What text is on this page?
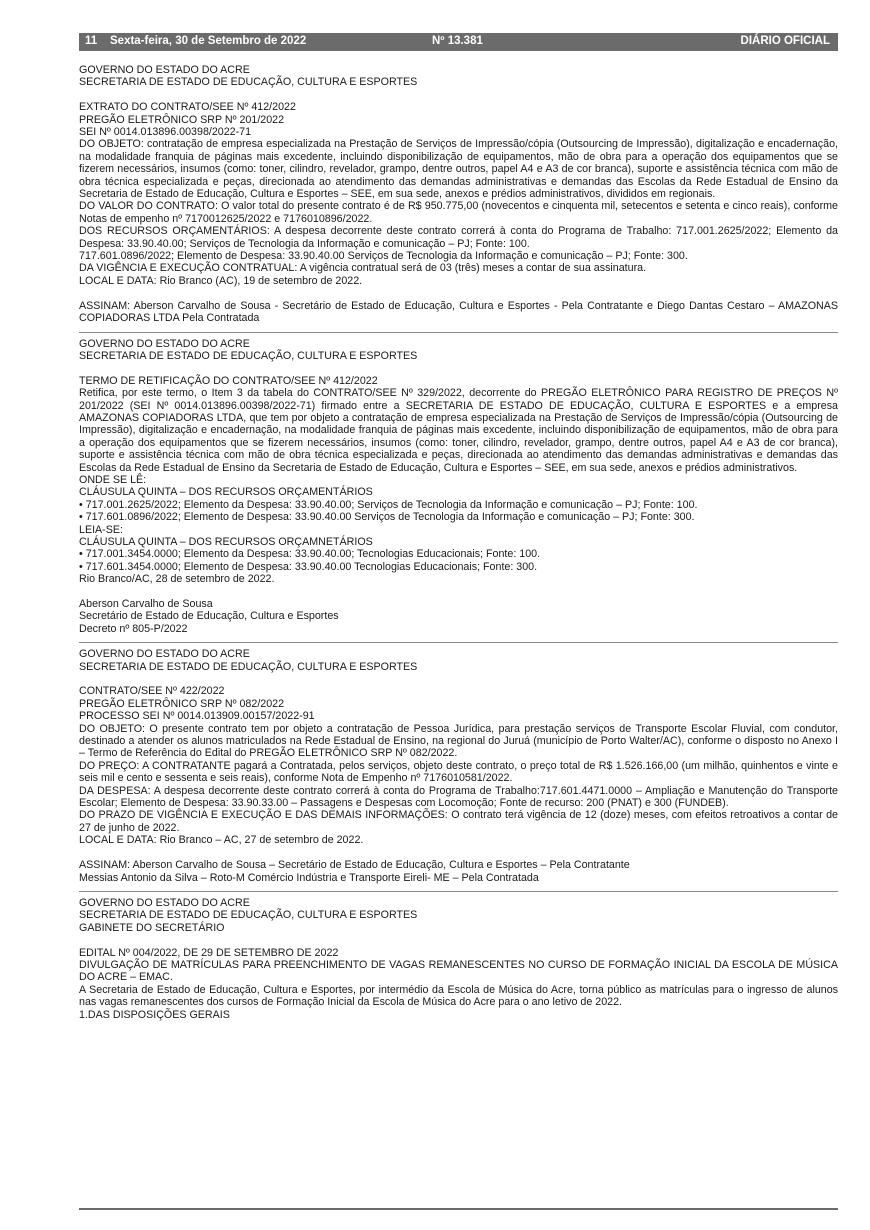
11 Sexta-feira, 30 de Setembro de 2022	Nº 13.381	DIÁRIO OFICIAL

GOVERNO DO ESTADO DO ACRE

SECRETARIA DE ESTADO DE EDUCAÇÃO, CULTURA E ESPORTES

EXTRATO DO CONTRATO/SEE Nº 412/2022

PREGÃO ELETRÔNICO SRP Nº 201/2022

SEI Nº 0014.013896.00398/2022-71

DO OBJETO: contratação de empresa especializada na Prestação de Serviços de Impressão/cópia (Outsourcing de Impressão), digitalização e encadernação, na modalidade franquia de páginas mais excedente, incluindo disponibilização de equipamentos, mão de obra para a operação dos equipamentos que se fizerem necessários, insumos (como: toner, cilindro, revelador, grampo, dentre outros, papel A4 e A3 de cor branca), suporte e assistência técnica com mão de obra técnica especializada e peças, direcionada ao atendimento das demandas administrativas e demandas das Escolas da Rede Estadual de Ensino da Secretaria de Estado de Educação, Cultura e Esportes – SEE, em sua sede, anexos e prédios administrativos, divididos em regionais.

DO VALOR DO CONTRATO: O valor total do presente contrato é de R$ 950.775,00 (novecentos e cinquenta mil, setecentos e setenta e cinco reais), conforme Notas de empenho nº 7170012625/2022 e 7176010896/2022.

DOS RECURSOS ORÇAMENTÁRIOS: A despesa decorrente deste contrato correrá à conta do Programa de Trabalho: 717.001.2625/2022; Elemento da Despesa: 33.90.40.00; Serviços de Tecnologia da Informação e comunicação – PJ; Fonte: 100.

717.601.0896/2022; Elemento de Despesa: 33.90.40.00 Serviços de Tecnologia da Informação e comunicação – PJ; Fonte: 300.

DA VIGÊNCIA E EXECUÇÃO CONTRATUAL: A vigência contratual será de 03 (três) meses a contar de sua assinatura.

LOCAL E DATA: Rio Branco (AC), 19 de setembro de 2022.

ASSINAM: Aberson Carvalho de Sousa - Secretário de Estado de Educação, Cultura e Esportes - Pela Contratante e Diego Dantas Cestaro – AMAZONAS COPIADORAS LTDA Pela Contratada

GOVERNO DO ESTADO DO ACRE

SECRETARIA DE ESTADO DE EDUCAÇÃO, CULTURA E ESPORTES

TERMO DE RETIFICAÇÃO DO CONTRATO/SEE Nº 412/2022

Retifica, por este termo, o Item 3 da tabela do CONTRATO/SEE Nº 329/2022, decorrente do PREGÃO ELETRÔNICO PARA REGISTRO DE PREÇOS Nº 201/2022 (SEI Nº 0014.013896.00398/2022-71) firmado entre a SECRETARIA DE ESTADO DE EDUCAÇÃO, CULTURA E ESPORTES e a empresa AMAZONAS COPIADORAS LTDA, que tem por objeto a contratação de empresa especializada na Prestação de Serviços de Impressão/cópia (Outsourcing de Impressão), digitalização e encadernação, na modalidade franquia de páginas mais excedente, incluindo disponibilização de equipamentos, mão de obra para a operação dos equipamentos que se fizerem necessários, insumos (como: toner, cilindro, revelador, grampo, dentre outros, papel A4 e A3 de cor branca), suporte e assistência técnica com mão de obra técnica especializada e peças, direcionada ao atendimento das demandas administrativas e demandas das Escolas da Rede Estadual de Ensino da Secretaria de Estado de Educação, Cultura e Esportes – SEE, em sua sede, anexos e prédios administrativos.

ONDE SE LÊ:

CLÁUSULA QUINTA – DOS RECURSOS ORÇAMENTÁRIOS

• 717.001.2625/2022; Elemento da Despesa: 33.90.40.00; Serviços de Tecnologia da Informação e comunicação – PJ; Fonte: 100.

• 717.601.0896/2022; Elemento de Despesa: 33.90.40.00 Serviços de Tecnologia da Informação e comunicação – PJ; Fonte: 300.

LEIA-SE:

CLÁUSULA QUINTA – DOS RECURSOS ORÇAMNETÁRIOS

• 717.001.3454.0000; Elemento da Despesa: 33.90.40.00; Tecnologias Educacionais; Fonte: 100.

• 717.601.3454.0000; Elemento de Despesa: 33.90.40.00 Tecnologias Educacionais; Fonte: 300.

Rio Branco/AC, 28 de setembro de 2022.

Aberson Carvalho de Sousa

Secretário de Estado de Educação, Cultura e Esportes

Decreto nº 805-P/2022

GOVERNO DO ESTADO DO ACRE

SECRETARIA DE ESTADO DE EDUCAÇÃO, CULTURA E ESPORTES

CONTRATO/SEE Nº 422/2022

PREGÃO ELETRÔNICO SRP Nº 082/2022

PROCESSO SEI Nº 0014.013909.00157/2022-91

DO OBJETO: O presente contrato tem por objeto a contratação de Pessoa Jurídica, para prestação serviços de Transporte Escolar Fluvial, com condutor, destinado a atender os alunos matriculados na Rede Estadual de Ensino, na regional do Juruá (município de Porto Walter/AC), conforme o disposto no Anexo I – Termo de Referência do Edital do PREGÃO ELETRÔNICO SRP Nº 082/2022.

DO PREÇO: A CONTRATANTE pagará a Contratada, pelos serviços, objeto deste contrato, o preço total de R$ 1.526.166,00 (um milhão, quinhentos e vinte e seis mil e cento e sessenta e seis reais), conforme Nota de Empenho nº 7176010581/2022.

DA DESPESA: A despesa decorrente deste contrato correrá à conta do Programa de Trabalho:717.601.4471.0000 – Ampliação e Manutenção do Transporte Escolar; Elemento de Despesa: 33.90.33.00 – Passagens e Despesas com Locomoção; Fonte de recurso: 200 (PNAT) e 300 (FUNDEB).

DO PRAZO DE VIGÊNCIA E EXECUÇÃO E DAS DEMAIS INFORMAÇÕES: O contrato terá vigência de 12 (doze) meses, com efeitos retroativos a contar de 27 de junho de 2022.

LOCAL E DATA: Rio Branco – AC, 27 de setembro de 2022.

ASSINAM: Aberson Carvalho de Sousa – Secretário de Estado de Educação, Cultura e Esportes – Pela Contratante

Messias Antonio da Silva – Roto-M Comércio Indústria e Transporte Eireli- ME – Pela Contratada

GOVERNO DO ESTADO DO ACRE

SECRETARIA DE ESTADO DE EDUCAÇÃO, CULTURA E ESPORTES

GABINETE DO SECRETÁRIO

EDITAL Nº 004/2022, DE 29 DE SETEMBRO DE 2022

DIVULGAÇÃO DE MATRÍCULAS PARA PREENCHIMENTO DE VAGAS REMANESCENTES NO CURSO DE FORMAÇÃO INICIAL DA ESCOLA DE MÚSICA DO ACRE – EMAC.

A Secretaria de Estado de Educação, Cultura e Esportes, por intermédio da Escola de Música do Acre, torna público as matrículas para o ingresso de alunos nas vagas remanescentes dos cursos de Formação Inicial da Escola de Música do Acre para o ano letivo de 2022.

1.DAS DISPOSIÇÕES GERAIS
